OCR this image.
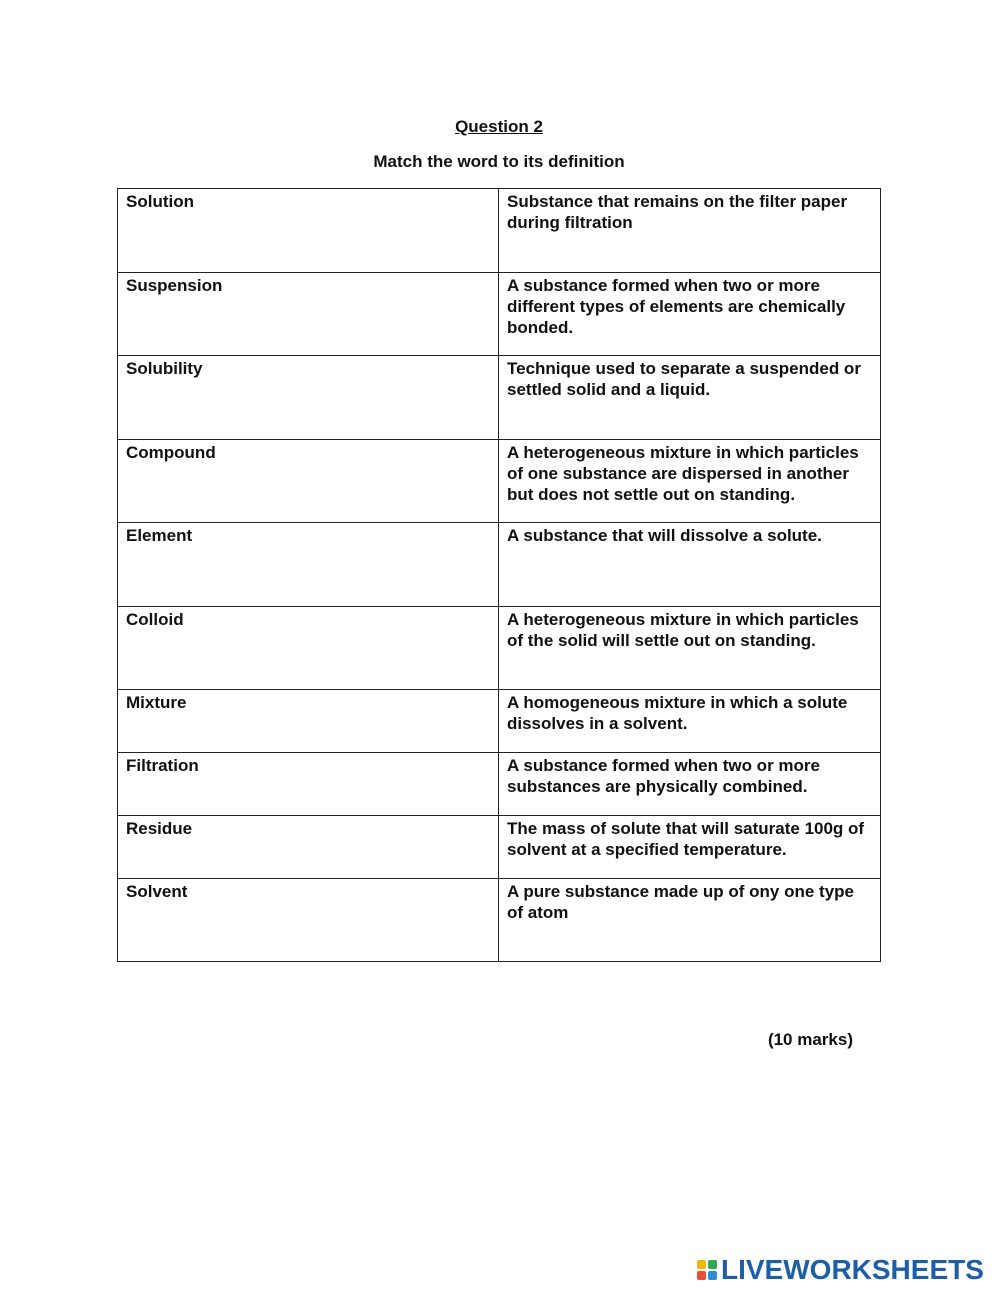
Question 2
Match the word to its definition
Solution	Substance that remains on the filter paper during filtration
Suspension	A substance formed when two or more different types of elements are chemically bonded.
Solubility	Technique used to separate a suspended or settled solid and a liquid.
Compound	A heterogeneous mixture in which particles of one substance are dispersed in another but does not settle out on standing.
Element	A substance that will dissolve a solute.
Colloid	A heterogeneous mixture in which particles of the solid will settle out on standing.
Mixture	A homogeneous mixture in which a solute dissolves in a solvent.
Filtration	A substance formed when two or more substances are physically combined.
Residue	The mass of solute that will saturate 100g of solvent at a specified temperature.
Solvent	A pure substance made up of ony one type of atom
(10 marks)
LIVEWORKSHEETS
